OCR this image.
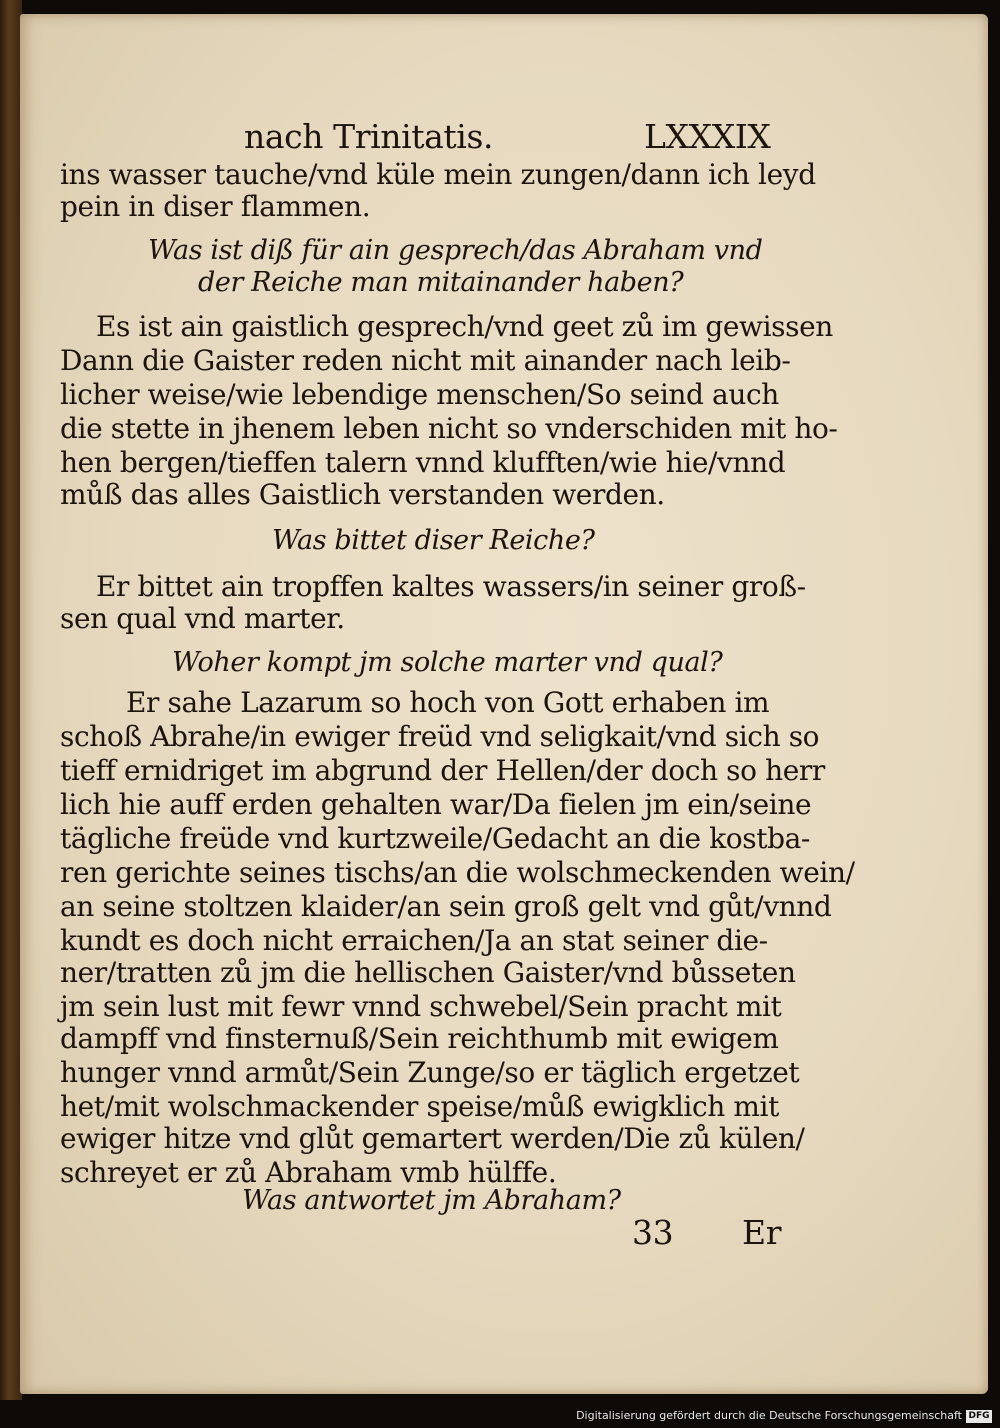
nach Trinitatis.	LXXXIX
ins wasser tauche/vnd küle mein zungen/dann ich leyd
pein in diser flammen.
Was ist diß für ain gesprech/das Abraham vnd
der Reiche man mitainander haben?
Es ist ain gaistlich gesprech/vnd geet zů im gewissen
Dann die Gaister reden nicht mit ainander nach leib-
licher weise/wie lebendige menschen/So seind auch
die stette in jhenem leben nicht so vnderschiden mit ho-
hen bergen/tieffen talern vnnd klufften/wie hie/vnnd
můß das alles Gaistlich verstanden werden.
Was bittet diser Reiche?
Er bittet ain tropffen kaltes wassers/in seiner groß-
sen qual vnd marter.
Woher kompt jm solche marter vnd qual?
Er sahe Lazarum so hoch von Gott erhaben im
schoß Abrahe/in ewiger freüd vnd seligkait/vnd sich so
tieff ernidriget im abgrund der Hellen/der doch so herr
lich hie auff erden gehalten war/Da fielen jm ein/seine
tägliche freüde vnd kurtzweile/Gedacht an die kostba-
ren gerichte seines tischs/an die wolschmeckenden wein/
an seine stoltzen klaider/an sein groß gelt vnd gůt/vnnd
kundt es doch nicht erraichen/Ja an stat seiner die-
ner/tratten zů jm die hellischen Gaister/vnd bůsseten
jm sein lust mit fewr vnnd schwebel/Sein pracht mit
dampff vnd finsternuß/Sein reichthumb mit ewigem
hunger vnnd armůt/Sein Zunge/so er täglich ergetzet
het/mit wolschmackender speise/můß ewigklich mit
ewiger hitze vnd glůt gemartert werden/Die zů külen/
schreyet er zů Abraham vmb hülffe.
Was antwortet jm Abraham?
33 Er
Digitalisierung gefördert durch die Deutsche Forschungsgemeinschaft DFG
